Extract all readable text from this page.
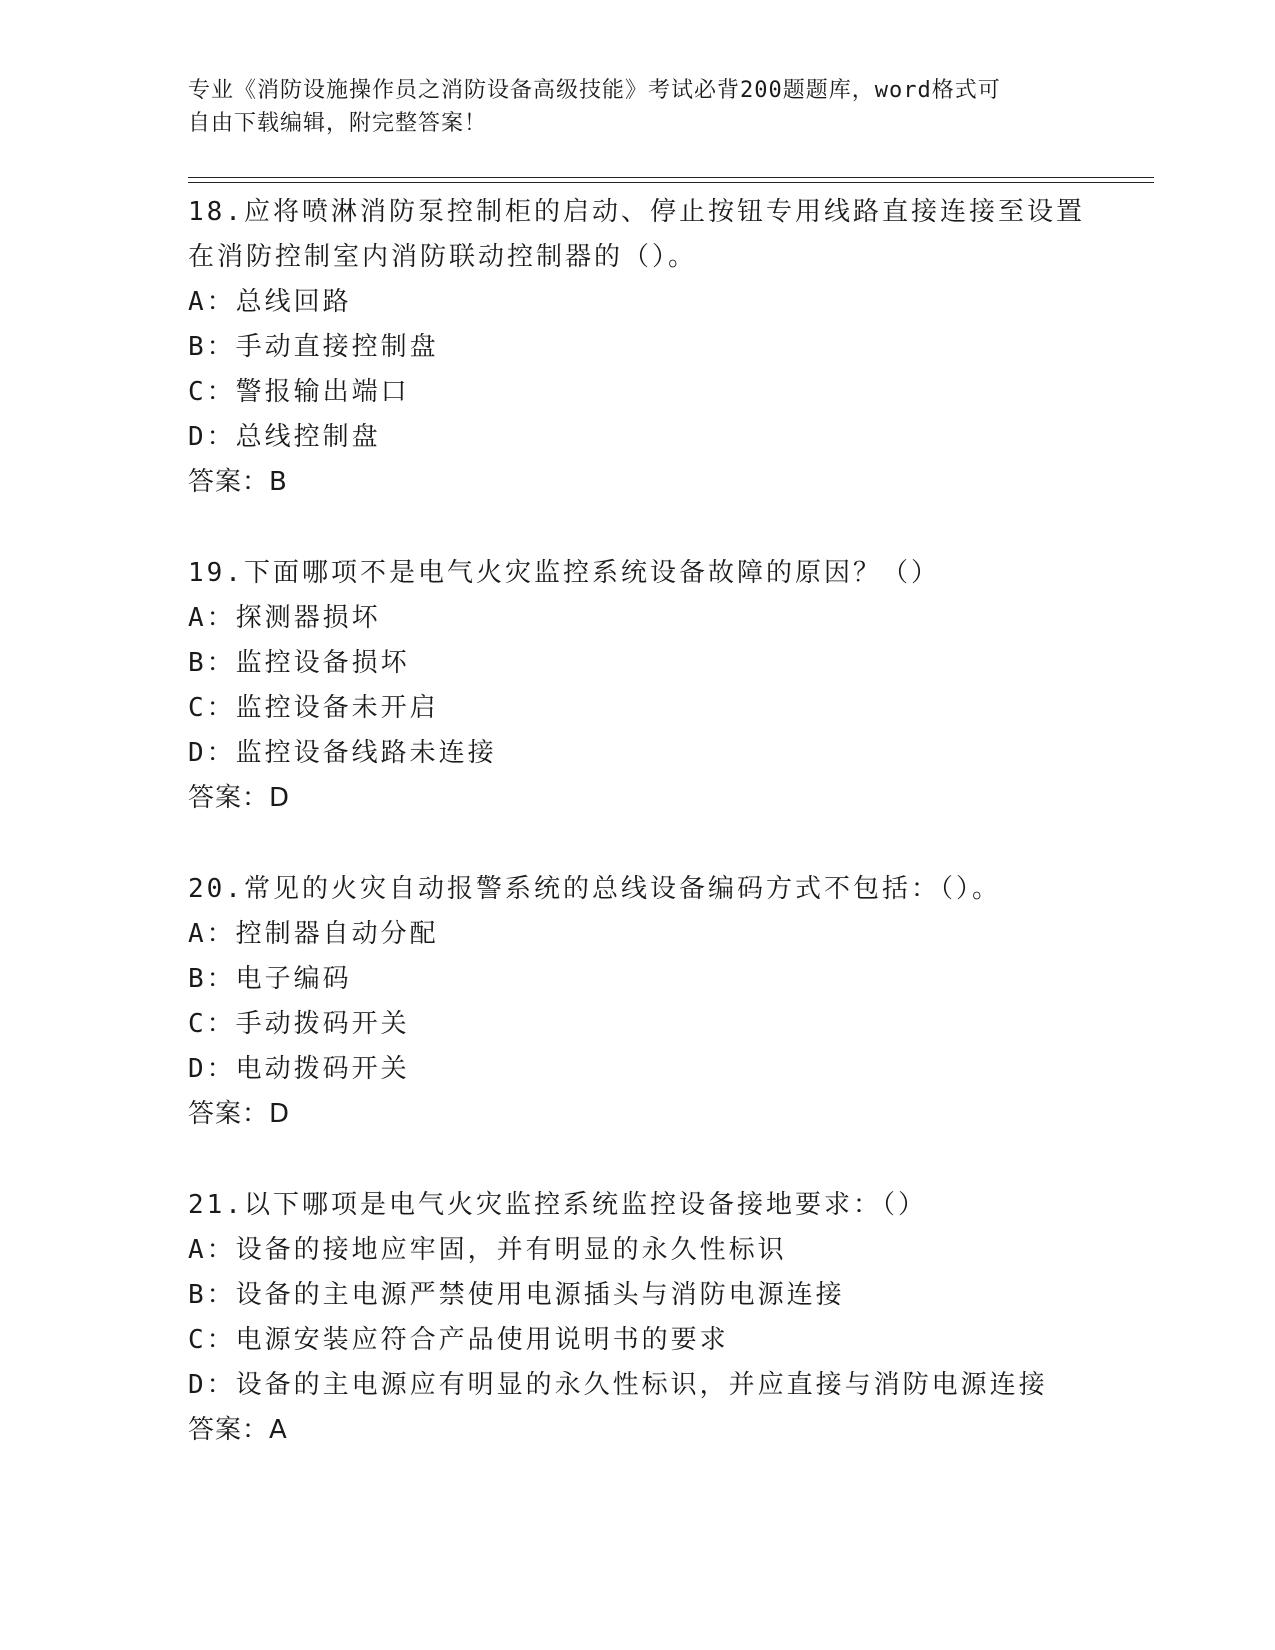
专业《消防设施操作员之消防设备高级技能》考试必背200题题库，word格式可
自由下载编辑，附完整答案！

18.应将喷淋消防泵控制柜的启动、停止按钮专用线路直接连接至设置
在消防控制室内消防联动控制器的（）。

A：总线回路

B：手动直接控制盘

C：警报输出端口

D：总线控制盘

答案：B

19.下面哪项不是电气火灾监控系统设备故障的原因？（）

A：探测器损坏

B：监控设备损坏

C：监控设备未开启

D：监控设备线路未连接

答案：D

20.常见的火灾自动报警系统的总线设备编码方式不包括：（）。

A：控制器自动分配

B：电子编码

C：手动拨码开关

D：电动拨码开关

答案：D

21.以下哪项是电气火灾监控系统监控设备接地要求：（）

A：设备的接地应牢固，并有明显的永久性标识

B：设备的主电源严禁使用电源插头与消防电源连接

C：电源安装应符合产品使用说明书的要求

D：设备的主电源应有明显的永久性标识，并应直接与消防电源连接

答案：A
